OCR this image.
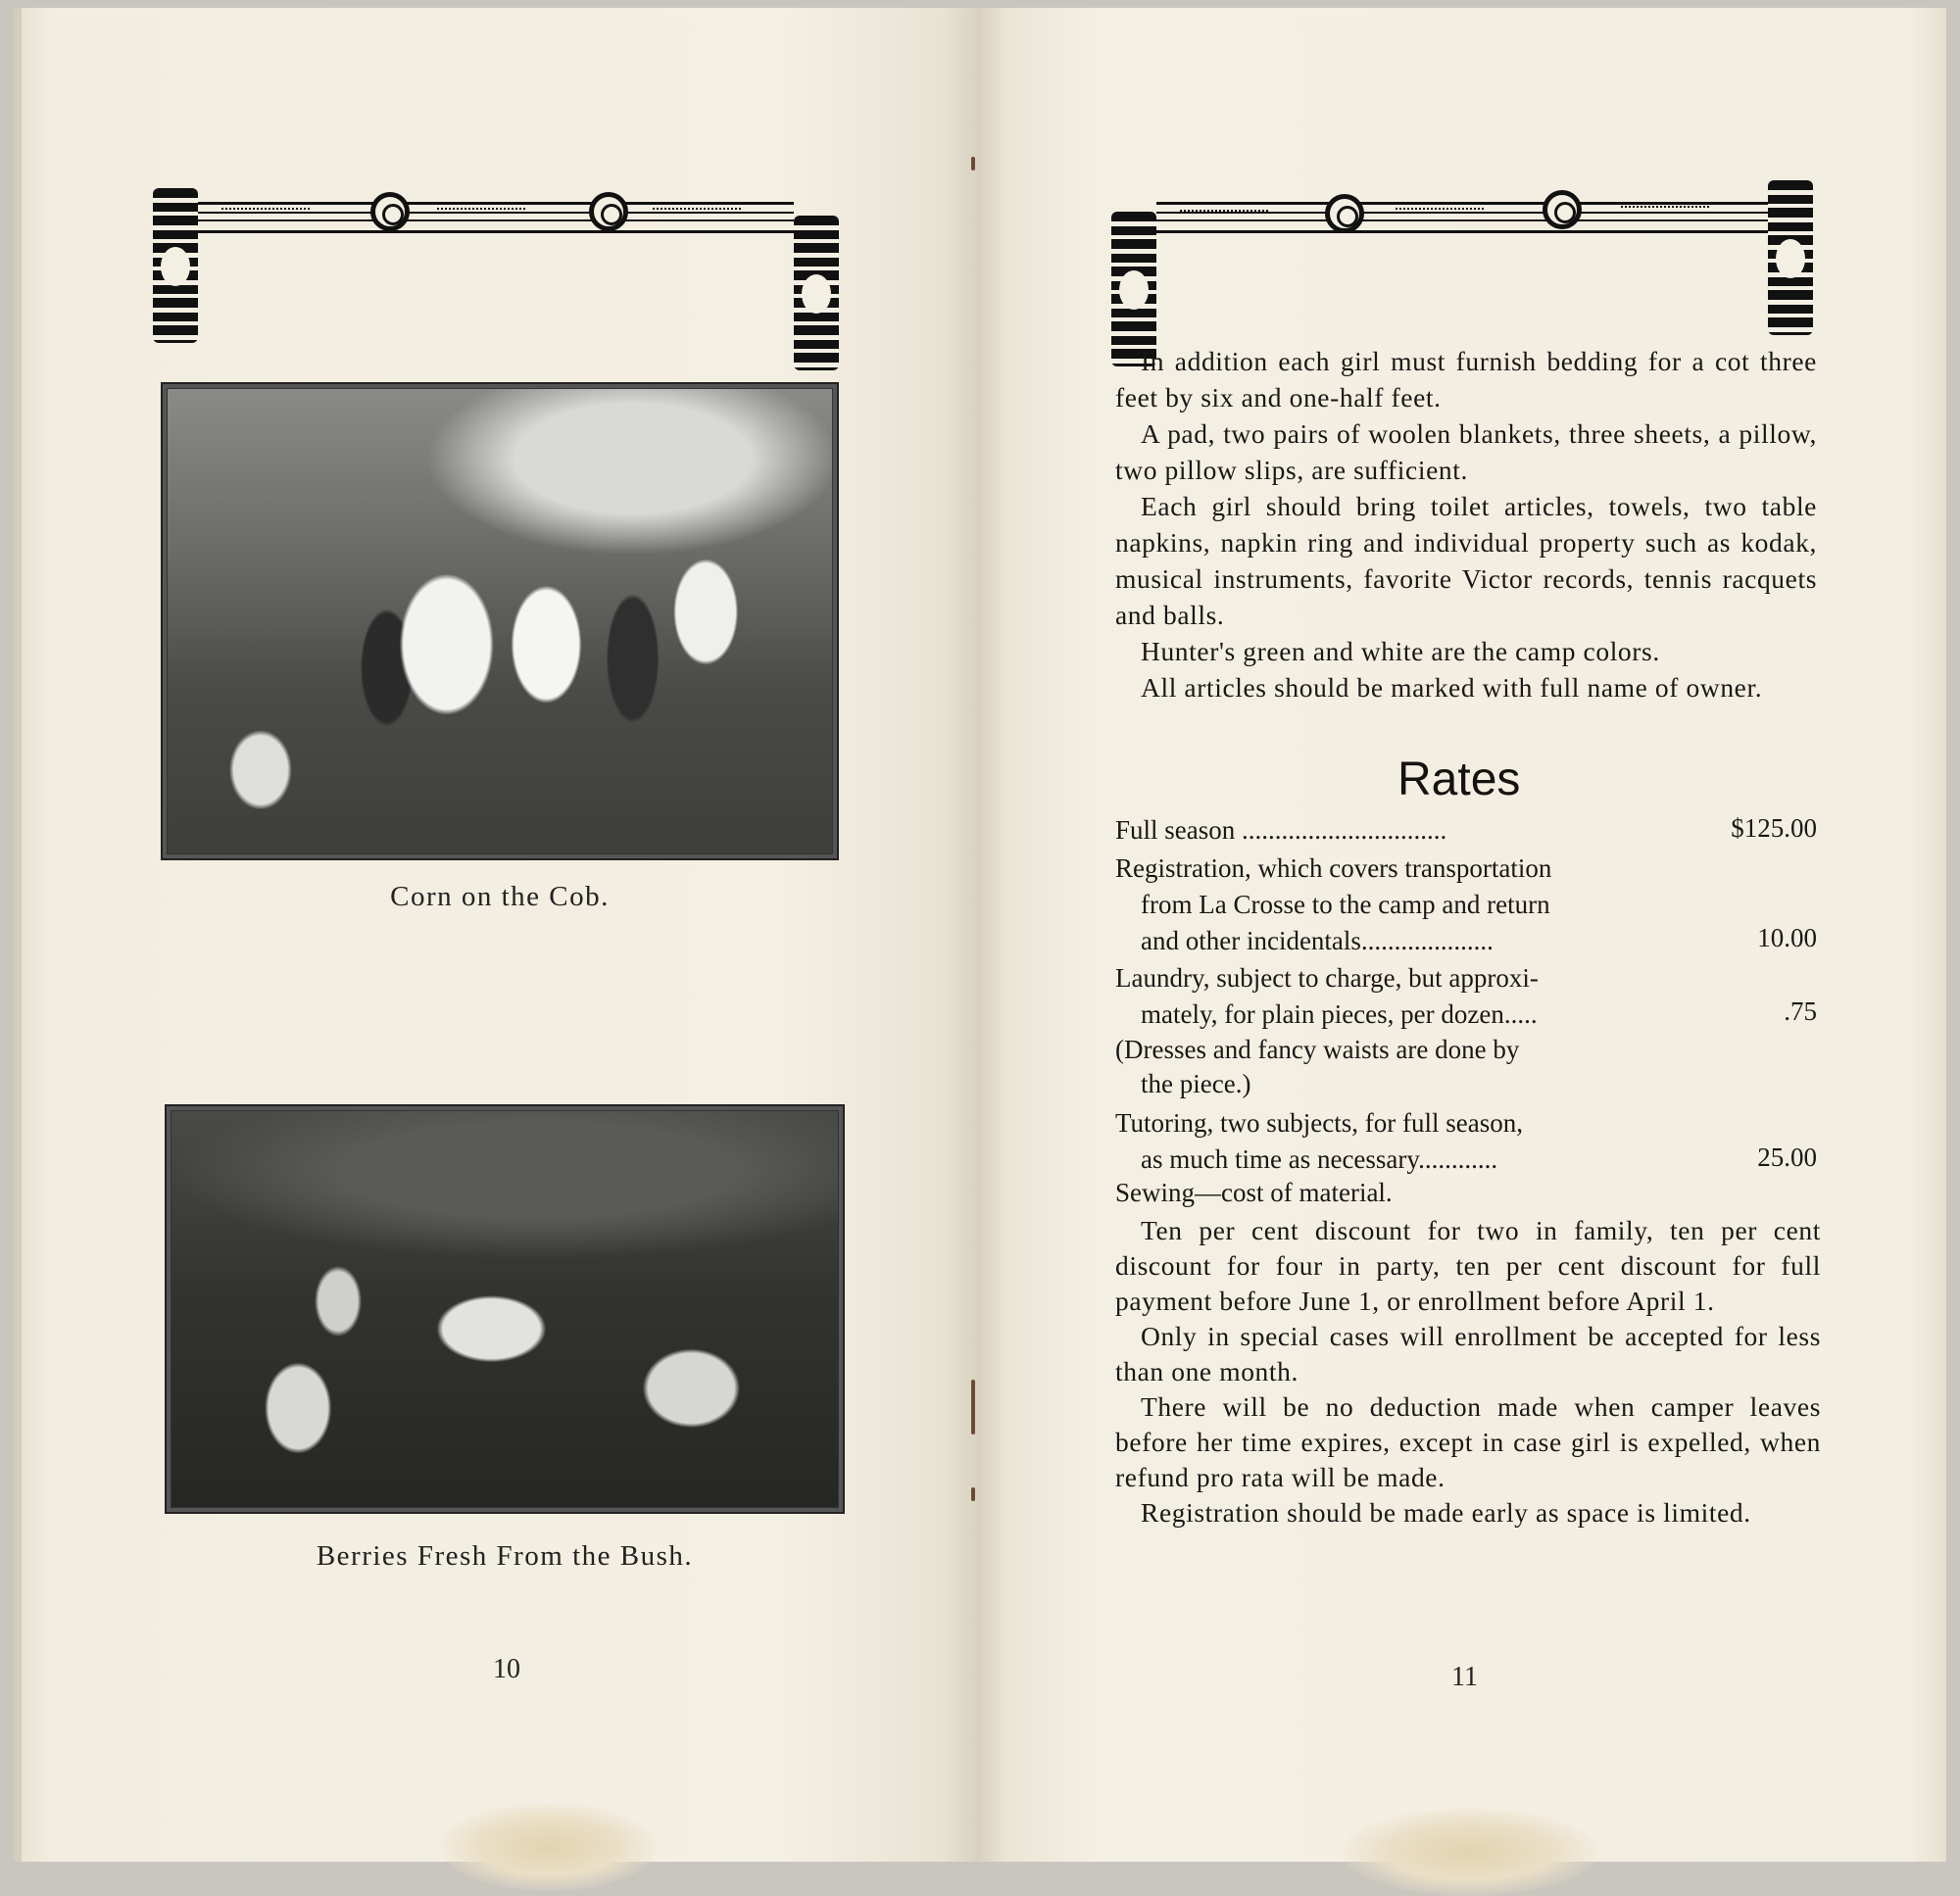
Corn on the Cob.
Berries Fresh From the Bush.
10

In addition each girl must furnish bedding for a cot three feet by six and one-half feet.

A pad, two pairs of woolen blankets, three sheets, a pillow, two pillow slips, are sufficient.

Each girl should bring toilet articles, towels, two table napkins, napkin ring and individual property such as kodak, musical instruments, favorite Victor records, tennis racquets and balls.

Hunter's green and white are the camp colors.

All articles should be marked with full name of owner.

Rates
Full season ...............................	$125.00
Registration, which covers transportation
from La Crosse to the camp and return
and other incidentals....................	10.00
Laundry, subject to charge, but approxi-
mately, for plain pieces, per dozen.....	.75
(Dresses and fancy waists are done by
the piece.)
Tutoring, two subjects, for full season,
as much time as necessary............	25.00
Sewing—cost of material.

Ten per cent discount for two in family, ten per cent discount for four in party, ten per cent discount for full payment before June 1, or enrollment before April 1.

Only in special cases will enrollment be accepted for less than one month.

There will be no deduction made when camper leaves before her time expires, except in case girl is expelled, when refund pro rata will be made.

Registration should be made early as space is limited.

11
